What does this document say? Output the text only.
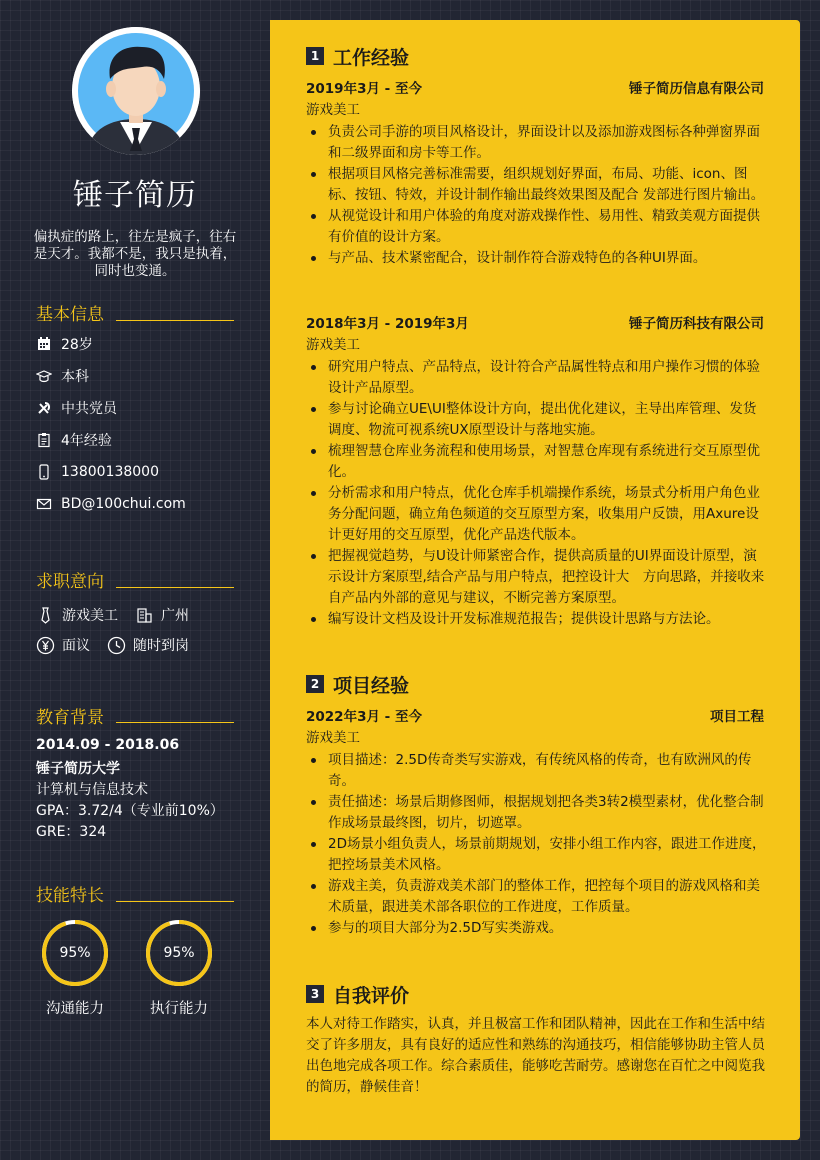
锤子简历
偏执症的路上，往左是疯子，往右是天才。我都不是，我只是执着，同时也变通。
基本信息
28岁
本科
中共党员
4年经验
13800138000
BD@100chui.com
求职意向
游戏美工	广州
面议	随时到岗
教育背景
2014.09 - 2018.06
锤子简历大学
计算机与信息技术
GPA：3.72/4（专业前10%）
GRE：324
技能特长
95%
沟通能力
95%
执行能力
1 工作经验
2019年3月 - 至今	锤子简历信息有限公司
游戏美工
负责公司手游的项目风格设计，界面设计以及添加游戏图标各种弹窗界面和二级界面和房卡等工作。
根据项目风格完善标准需要，组织规划好界面，布局、功能、icon、图标、按钮、特效，并设计制作输出最终效果图及配合 发部进行图片输出。
从视觉设计和用户体验的角度对游戏操作性、易用性、精致美观方面提供有价值的设计方案。
与产品、技术紧密配合，设计制作符合游戏特色的各种UI界面。
2018年3月 - 2019年3月	锤子简历科技有限公司
游戏美工
研究用户特点、产品特点，设计符合产品属性特点和用户操作习惯的体验设计产品原型。
参与讨论确立UE\UI整体设计方向，提出优化建议，主导出库管理、发货调度、物流可视系统UX原型设计与落地实施。
梳理智慧仓库业务流程和使用场景，对智慧仓库现有系统进行交互原型优化。
分析需求和用户特点，优化仓库手机端操作系统，场景式分析用户角色业务分配问题，确立角色频道的交互原型方案，收集用户反馈，用Axure设计更好用的交互原型，优化产品迭代版本。
把握视觉趋势，与U设计师紧密合作，提供高质量的UI界面设计原型，演示设计方案原型,结合产品与用户特点，把控设计大　方向思路，并接收来自产品内外部的意见与建议，不断完善方案原型。
编写设计文档及设计开发标准规范报告；提供设计思路与方法论。
2 项目经验
2022年3月 - 至今	项目工程
游戏美工
项目描述：2.5D传奇类写实游戏，有传统风格的传奇，也有欧洲风的传奇。
责任描述：场景后期修图师，根据规划把各类3转2模型素材，优化整合制作成场景最终图，切片，切遮罩。
2D场景小组负责人，场景前期规划，安排小组工作内容，跟进工作进度，把控场景美术风格。
游戏主美，负责游戏美术部门的整体工作，把控每个项目的游戏风格和美术质量，跟进美术部各职位的工作进度，工作质量。
参与的项目大部分为2.5D写实类游戏。
3 自我评价
本人对待工作踏实，认真，并且极富工作和团队精神，因此在工作和生活中结交了许多朋友，具有良好的适应性和熟练的沟通技巧，相信能够协助主管人员出色地完成各项工作。综合素质佳，能够吃苦耐劳。感谢您在百忙之中阅览我的简历，静候佳音！
